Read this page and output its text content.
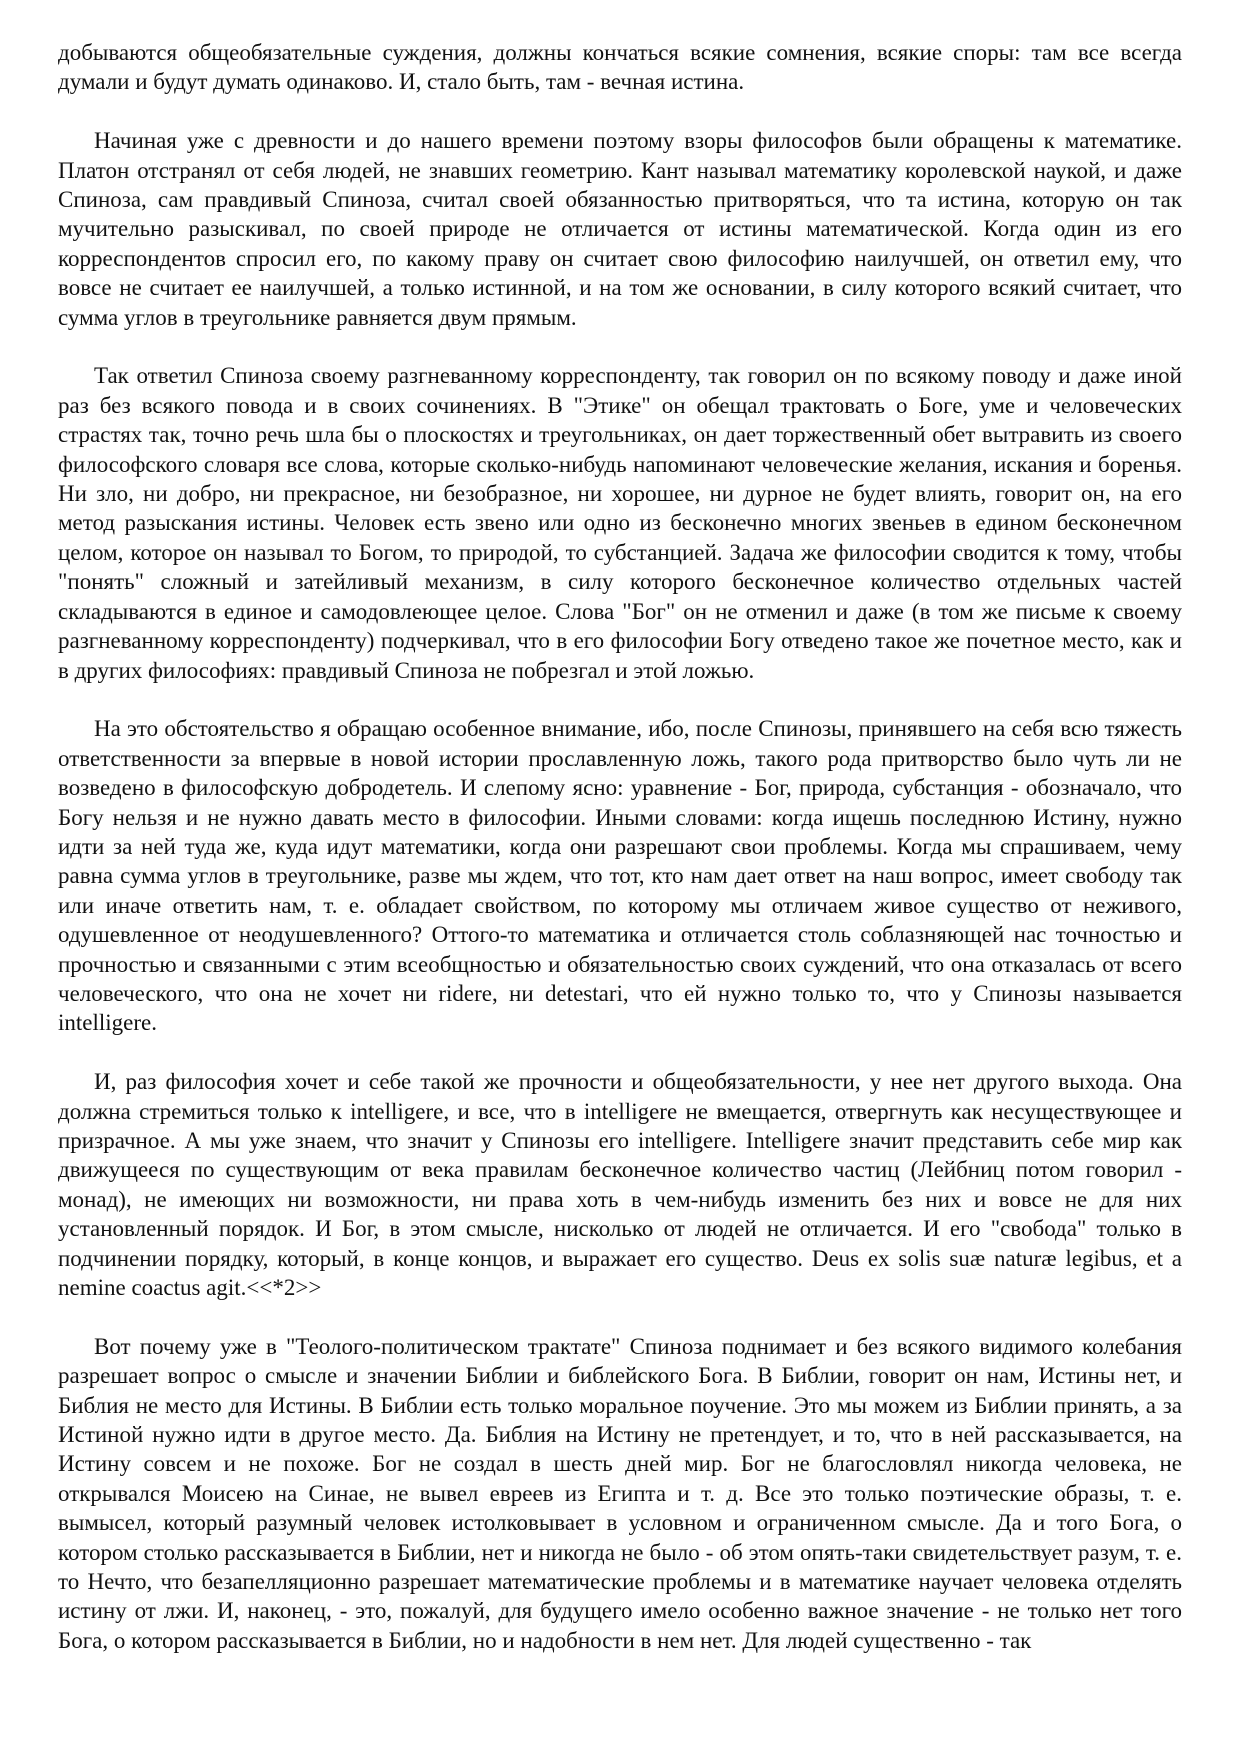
добываются общеобязательные суждения, должны кончаться всякие сомнения, всякие споры: там все всегда думали и будут думать одинаково. И, стало быть, там - вечная истина.

Начиная уже с древности и до нашего времени поэтому взоры философов были обращены к математике. Платон отстранял от себя людей, не знавших геометрию. Кант называл математику королевской наукой, и даже Спиноза, сам правдивый Спиноза, считал своей обязанностью притворяться, что та истина, которую он так мучительно разыскивал, по своей природе не отличается от истины математической. Когда один из его корреспондентов спросил его, по какому праву он считает свою философию наилучшей, он ответил ему, что вовсе не считает ее наилучшей, а только истинной, и на том же основании, в силу которого всякий считает, что сумма углов в треугольнике равняется двум прямым.

Так ответил Спиноза своему разгневанному корреспонденту, так говорил он по всякому поводу и даже иной раз без всякого повода и в своих сочинениях. В "Этике" он обещал трактовать о Боге, уме и человеческих страстях так, точно речь шла бы о плоскостях и треугольниках, он дает торжественный обет вытравить из своего философского словаря все слова, которые сколько-нибудь напоминают человеческие желания, искания и боренья. Ни зло, ни добро, ни прекрасное, ни безобразное, ни хорошее, ни дурное не будет влиять, говорит он, на его метод разыскания истины. Человек есть звено или одно из бесконечно многих звеньев в едином бесконечном целом, которое он называл то Богом, то природой, то субстанцией. Задача же философии сводится к тому, чтобы "понять" сложный и затейливый механизм, в силу которого бесконечное количество отдельных частей складываются в единое и самодовлеющее целое. Слова "Бог" он не отменил и даже (в том же письме к своему разгневанному корреспонденту) подчеркивал, что в его философии Богу отведено такое же почетное место, как и в других философиях: правдивый Спиноза не побрезгал и этой ложью.

На это обстоятельство я обращаю особенное внимание, ибо, после Спинозы, принявшего на себя всю тяжесть ответственности за впервые в новой истории прославленную ложь, такого рода притворство было чуть ли не возведено в философскую добродетель. И слепому ясно: уравнение - Бог, природа, субстанция - обозначало, что Богу нельзя и не нужно давать место в философии. Иными словами: когда ищешь последнюю Истину, нужно идти за ней туда же, куда идут математики, когда они разрешают свои проблемы. Когда мы спрашиваем, чему равна сумма углов в треугольнике, разве мы ждем, что тот, кто нам дает ответ на наш вопрос, имеет свободу так или иначе ответить нам, т. е. обладает свойством, по которому мы отличаем живое существо от неживого, одушевленное от неодушевленного? Оттого-то математика и отличается столь соблазняющей нас точностью и прочностью и связанными с этим всеобщностью и обязательностью своих суждений, что она отказалась от всего человеческого, что она не хочет ни ridere, ни detestari, что ей нужно только то, что у Спинозы называется intelligere.

И, раз философия хочет и себе такой же прочности и общеобязательности, у нее нет другого выхода. Она должна стремиться только к intelligere, и все, что в intelligere не вмещается, отвергнуть как несуществующее и призрачное. А мы уже знаем, что значит у Спинозы его intelligere. Intelligere значит представить себе мир как движущееся по существующим от века правилам бесконечное количество частиц (Лейбниц потом говорил - монад), не имеющих ни возможности, ни права хоть в чем-нибудь изменить без них и вовсе не для них установленный порядок. И Бог, в этом смысле, нисколько от людей не отличается. И его "свобода" только в подчинении порядку, который, в конце концов, и выражает его существо. Deus ex solis suæ naturæ legibus, et a nemine coactus agit.<<*2>>

Вот почему уже в "Теолого-политическом трактате" Спиноза поднимает и без всякого видимого колебания разрешает вопрос о смысле и значении Библии и библейского Бога. В Библии, говорит он нам, Истины нет, и Библия не место для Истины. В Библии есть только моральное поучение. Это мы можем из Библии принять, а за Истиной нужно идти в другое место. Да. Библия на Истину не претендует, и то, что в ней рассказывается, на Истину совсем и не похоже. Бог не создал в шесть дней мир. Бог не благословлял никогда человека, не открывался Моисею на Синае, не вывел евреев из Египта и т. д. Все это только поэтические образы, т. е. вымысел, который разумный человек истолковывает в условном и ограниченном смысле. Да и того Бога, о котором столько рассказывается в Библии, нет и никогда не было - об этом опять-таки свидетельствует разум, т. е. то Нечто, что безапелляционно разрешает математические проблемы и в математике научает человека отделять истину от лжи. И, наконец, - это, пожалуй, для будущего имело особенно важное значение - не только нет того Бога, о котором рассказывается в Библии, но и надобности в нем нет. Для людей существенно - так
